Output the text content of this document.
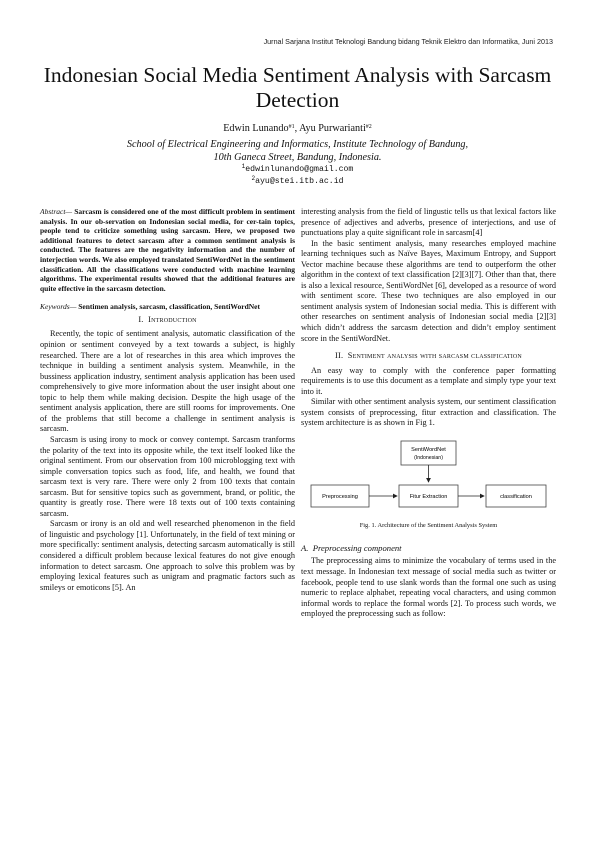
Jurnal Sarjana Institut Teknologi Bandung bidang Teknik Elektro dan Informatika, Juni 2013
Indonesian Social Media Sentiment Analysis with Sarcasm Detection
Edwin Lunando$^{\#1}$, Ayu Purwarianti$^{\#2}$
School of Electrical Engineering and Informatics, Institute Technology of Bandung,
10th Ganeca Street, Bandung, Indonesia.
$^1$edwinlunando@gmail.com
$^2$ayu@stei.itb.ac.id

Abstract— Sarcasm is considered one of the most difficult problem in sentiment analysis. In our ob-servation on Indonesian social media, for cer-tain topics, people tend to criticize something using sarcasm. Here, we proposed two additional features to detect sarcasm after a common sentiment analysis is conducted. The features are the negativity information and the number of interjection words. We also employed translated SentiWordNet in the sentiment classification. All the classifications were conducted with machine learning algorithms. The experimental results showed that the additional features are quite effective in the sarcasm detection.

Keywords— Sentimen analysis, sarcasm, classification, SentiWordNet

I. Introduction

Recently, the topic of sentiment analysis, automatic classification of the opinion or sentiment conveyed by a text towards a subject, is highly researched. There are a lot of researches in this area which improves the technique in building a sentiment analysis system. Meanwhile, in the bussiness application industry, sentiment analysis application has been used comprehensively to give more information about the user insight about one topic to help them while making decision. Despite the high usage of the sentiment analysis application, there are still rooms for improvements. One of the problems that still become a challenge in sentiment analysis is sarcasm.

Sarcasm is using irony to mock or convey contempt. Sarcasm tranforms the polarity of the text into its opposite while, the text itself looked like the original sentiment. From our observation from 100 microblogging text with simple conversation topics such as food, life, and health, we found that sarcasm text is very rare. There were only 2 from 100 texts that contain sarcasm. But for sensitive topics such as government, brand, or politic, the quantity is greatly rose. There were 18 texts out of 100 texts containing sarcasm.

Sarcasm or irony is an old and well researched phenomenon in the field of linguistic and psychology [1]. Unfortunately, in the field of text mining or more specifically: sentiment analysis, detecting sarcasm automatically is still considered a difficult problem because lexical features do not give enough information to detect sarcasm. One approach to solve this problem was by employing lexical features such as unigram and pragmatic factors such as smileys or emoticons [5]. An

interesting analysis from the field of lingustic tells us that lexical factors like presence of adjectives and adverbs, presence of interjections, and use of punctuations play a quite significant role in sarcasm[4]

In the basic sentiment analysis, many researches employed machine learning techniques such as Naïve Bayes, Maximum Entropy, and Support Vector machine because these algorithms are tend to outperform the other algorithm in the context of text classification [2][3][7]. Other than that, there is also a lexical resource, SentiWordNet [6], developed as a resource of word with sentiment score. These two techniques are also employed in our sentiment analysis system of Indonesian social media. This is different with other researches on sentiment analysis of Indonesian social media [2][3] which didn’t address the sarcasm detection and didn’t employ sentiment score in the SentiWordNet.

II. Sentiment analysis with sarcasm classification

An easy way to comply with the conference paper formatting requirements is to use this document as a template and simply type your text into it.

Similar with other sentiment analysis system, our sentiment classification system consists of preprocessing, fitur extraction and classification. The system architecture is as shown in Fig 1.

SentiWordNet
(Indonesian)
Preprocessing	Fitur Extraction	classification
Fig. 1. Architecture of the Sentiment Analysis System
A. Preprocessing component

The preprocessing aims to minimize the vocabulary of terms used in the text message. In Indonesian text message of social media such as twitter or facebook, people tend to use slank words than the formal one such as using numeric to replace alphabet, repeating vocal characters, and using common informal words to replace the formal words [2]. To process such words, we employed the preprocessing such as follow:
